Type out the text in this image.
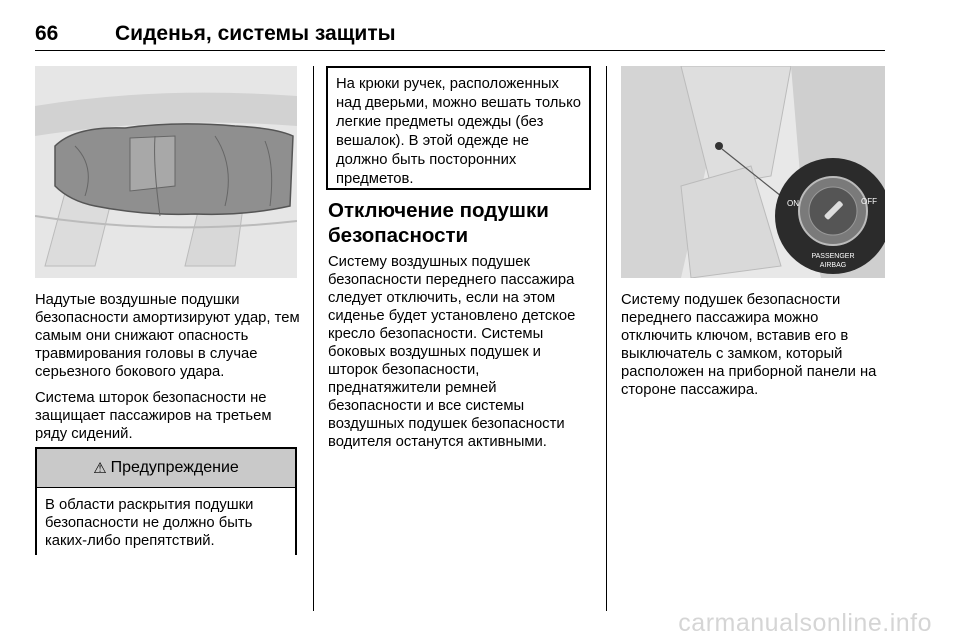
66	Сиденья, системы защиты

Надутые воздушные подушки безопасности амортизируют удар, тем самым они снижают опасность травмирования головы в случае серьезного бокового удара.

Система шторок безопасности не защищает пассажиров на третьем ряду сидений.

⚠ Предупреждение
В области раскрытия подушки безопасности не должно быть каких-либо препятствий.
На крюки ручек, расположенных над дверьми, можно вешать только легкие предметы одежды (без вешалок). В этой одежде не должно быть посторонних предметов.
Отключение подушки безопасности

Систему воздушных подушек безопасности переднего пассажира следует отключить, если на этом сиденье будет установлено детское кресло безопасности. Системы боковых воздушных подушек и шторок безопасности, преднатяжители ремней безопасности и все системы воздушных подушек безопасности водителя останутся активными.

ON	OFF
PASSENGER
AIRBAG

Систему подушек безопасности переднего пассажира можно отключить ключом, вставив его в выключатель с замком, который расположен на приборной панели на стороне пассажира.

carmanualsonline.info
